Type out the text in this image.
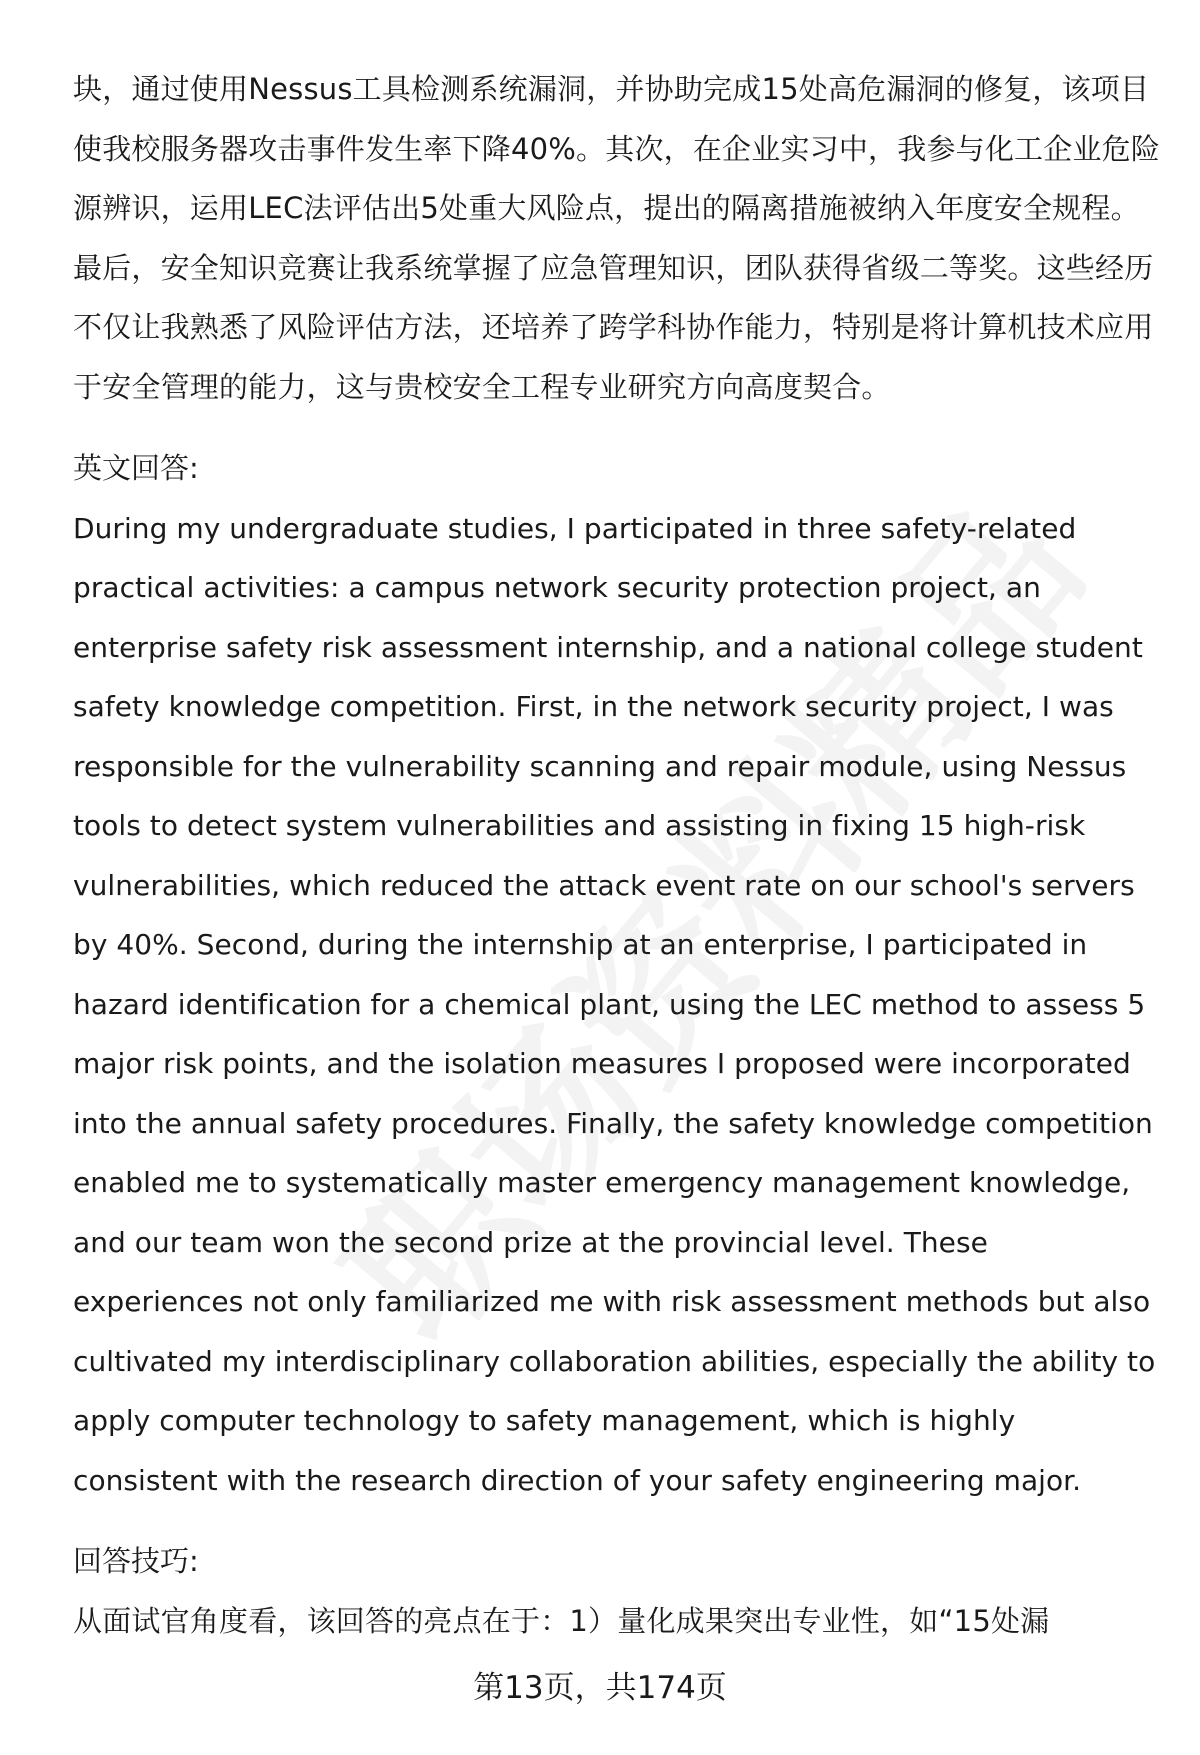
块，通过使用Nessus工具检测系统漏洞，并协助完成15处高危漏洞的修复，该项目使我校服务器攻击事件发生率下降40%。其次，在企业实习中，我参与化工企业危险源辨识，运用LEC法评估出5处重大风险点，提出的隔离措施被纳入年度安全规程。最后，安全知识竞赛让我系统掌握了应急管理知识，团队获得省级二等奖。这些经历不仅让我熟悉了风险评估方法，还培养了跨学科协作能力，特别是将计算机技术应用于安全管理的能力，这与贵校安全工程专业研究方向高度契合。

英文回答:

During my undergraduate studies, I participated in three safety-related practical activities: a campus network security protection project, an enterprise safety risk assessment internship, and a national college student safety knowledge competition. First, in the network security project, I was responsible for the vulnerability scanning and repair module, using Nessus tools to detect system vulnerabilities and assisting in fixing 15 high-risk vulnerabilities, which reduced the attack event rate on our school's servers by 40%. Second, during the internship at an enterprise, I participated in hazard identification for a chemical plant, using the LEC method to assess 5 major risk points, and the isolation measures I proposed were incorporated into the annual safety procedures. Finally, the safety knowledge competition enabled me to systematically master emergency management knowledge, and our team won the second prize at the provincial level. These experiences not only familiarized me with risk assessment methods but also cultivated my interdisciplinary collaboration abilities, especially the ability to apply computer technology to safety management, which is highly consistent with the research direction of your safety engineering major.

回答技巧:

从面试官角度看，该回答的亮点在于：1）量化成果突出专业性，如“15处漏

第13页，共174页
